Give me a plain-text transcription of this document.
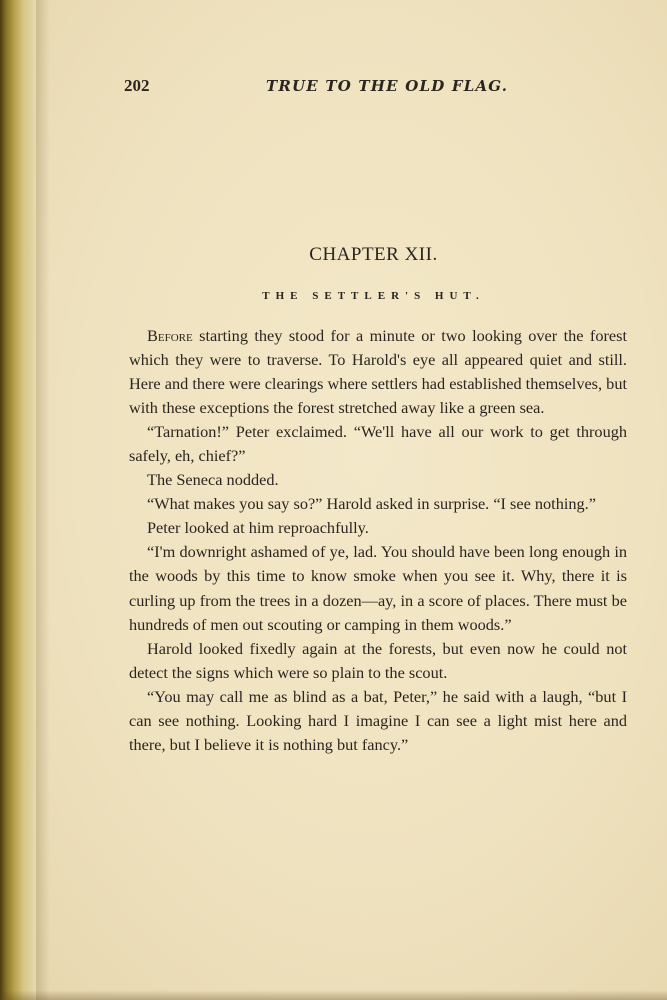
202	TRUE TO THE OLD FLAG.
CHAPTER XII.
THE SETTLER'S HUT.

Before starting they stood for a minute or two looking over the forest which they were to traverse. To Harold's eye all appeared quiet and still. Here and there were clearings where settlers had established themselves, but with these exceptions the forest stretched away like a green sea.

“Tarnation!” Peter exclaimed. “We'll have all our work to get through safely, eh, chief?”

The Seneca nodded.

“What makes you say so?” Harold asked in surprise. “I see nothing.”

Peter looked at him reproachfully.

“I'm downright ashamed of ye, lad. You should have been long enough in the woods by this time to know smoke when you see it. Why, there it is curling up from the trees in a dozen—ay, in a score of places. There must be hundreds of men out scouting or camping in them woods.”

Harold looked fixedly again at the forests, but even now he could not detect the signs which were so plain to the scout.

“You may call me as blind as a bat, Peter,” he said with a laugh, “but I can see nothing. Looking hard I imagine I can see a light mist here and there, but I believe it is nothing but fancy.”
